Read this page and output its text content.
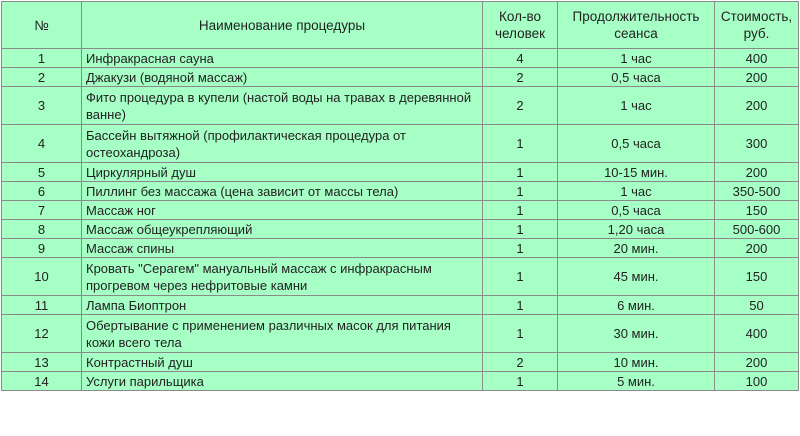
№	Наименование процедуры	Кол-во человек	Продолжительность сеанса	Стоимость, руб.
1	Инфракрасная сауна	4	1 час	400
2	Джакузи (водяной массаж)	2	0,5 часа	200
3	Фито процедура в купели (настой воды на травах в деревянной ванне)	2	1 час	200
4	Бассейн вытяжной (профилактическая процедура от остеохандроза)	1	0,5 часа	300
5	Циркулярный душ	1	10-15 мин.	200
6	Пиллинг без массажа (цена зависит от массы тела)	1	1 час	350-500
7	Массаж ног	1	0,5 часа	150
8	Массаж общеукрепляющий	1	1,20 часа	500-600
9	Массаж спины	1	20 мин.	200
10	Кровать "Серагем" мануальный массаж с инфракрасным прогревом через нефритовые камни	1	45 мин.	150
11	Лампа Биоптрон	1	6 мин.	50
12	Обертывание с применением различных масок для питания кожи всего тела	1	30 мин.	400
13	Контрастный душ	2	10 мин.	200
14	Услуги парильщика	1	5 мин.	100
